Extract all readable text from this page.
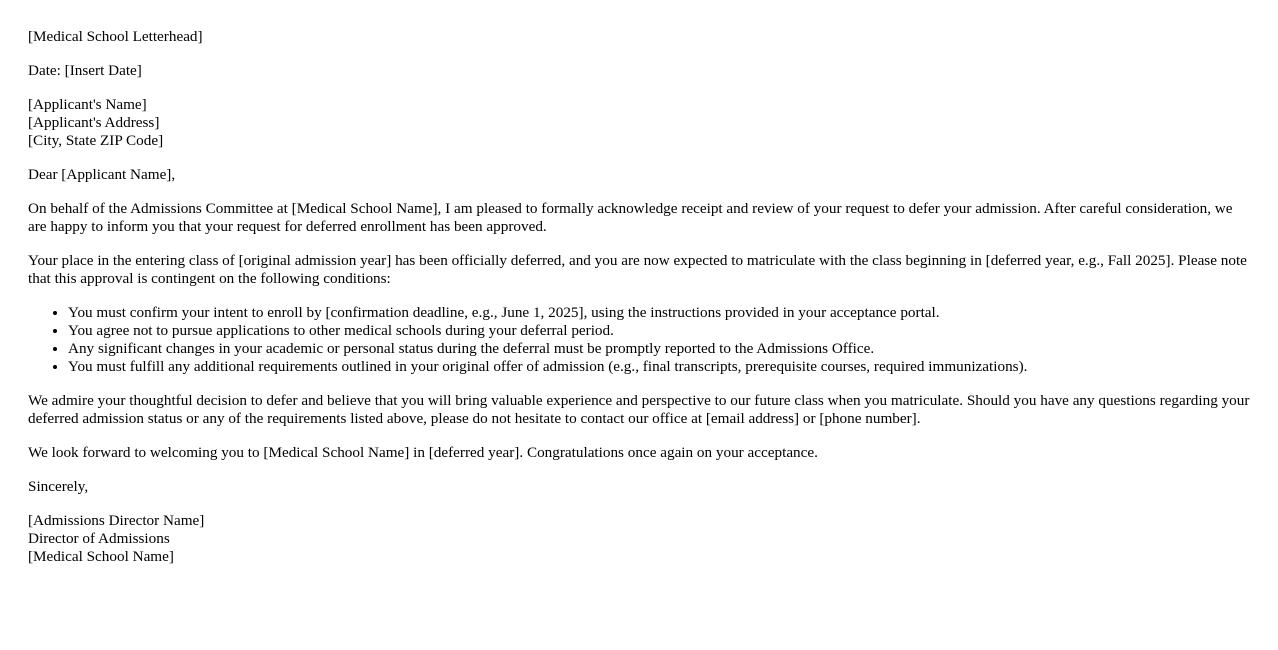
[Medical School Letterhead]
Date: [Insert Date]
[Applicant's Name]
[Applicant's Address]
[City, State ZIP Code]
Dear [Applicant Name],

On behalf of the Admissions Committee at [Medical School Name], I am pleased to formally acknowledge receipt and review of your request to defer your admission. After careful consideration, we are happy to inform you that your request for deferred enrollment has been approved.

Your place in the entering class of [original admission year] has been officially deferred, and you are now expected to matriculate with the class beginning in [deferred year, e.g., Fall 2025]. Please note that this approval is contingent on the following conditions:

• You must confirm your intent to enroll by [confirmation deadline, e.g., June 1, 2025], using the instructions provided in your acceptance portal.
• You agree not to pursue applications to other medical schools during your deferral period.
• Any significant changes in your academic or personal status during the deferral must be promptly reported to the Admissions Office.
• You must fulfill any additional requirements outlined in your original offer of admission (e.g., final transcripts, prerequisite courses, required immunizations).

We admire your thoughtful decision to defer and believe that you will bring valuable experience and perspective to our future class when you matriculate. Should you have any questions regarding your deferred admission status or any of the requirements listed above, please do not hesitate to contact our office at [email address] or [phone number].

We look forward to welcoming you to [Medical School Name] in [deferred year]. Congratulations once again on your acceptance.

Sincerely,
[Admissions Director Name]
Director of Admissions
[Medical School Name]
